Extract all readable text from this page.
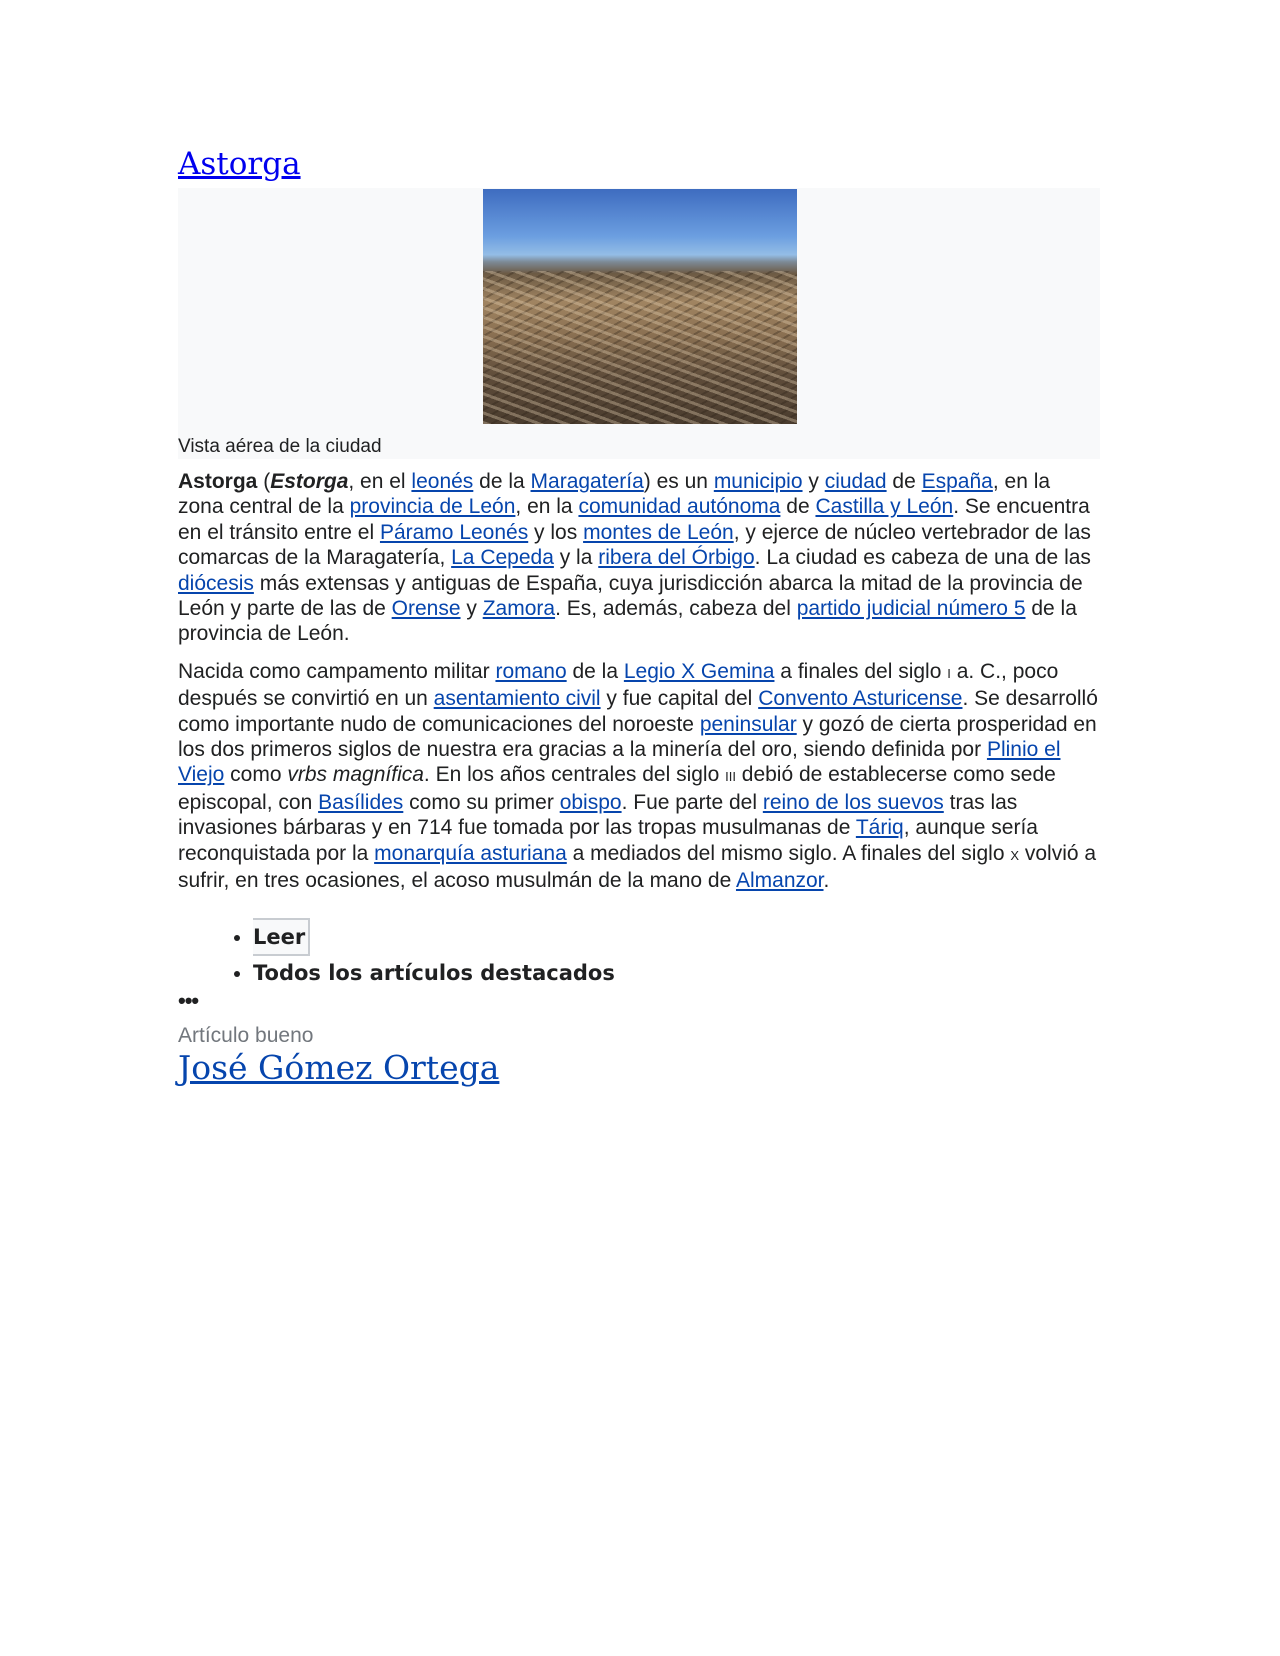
Astorga
Vista aérea de la ciudad

Astorga (Estorga, en el leonés de la Maragatería) es un municipio y ciudad de España, en la zona central de la provincia de León, en la comunidad autónoma de Castilla y León. Se encuentra en el tránsito entre el Páramo Leonés y los montes de León, y ejerce de núcleo vertebrador de las comarcas de la Maragatería, La Cepeda y la ribera del Órbigo. La ciudad es cabeza de una de las diócesis más extensas y antiguas de España, cuya jurisdicción abarca la mitad de la provincia de León y parte de las de Orense y Zamora. Es, además, cabeza del partido judicial número 5 de la provincia de León.

Nacida como campamento militar romano de la Legio X Gemina a finales del siglo I a. C., poco después se convirtió en un asentamiento civil y fue capital del Convento Asturicense. Se desarrolló como importante nudo de comunicaciones del noroeste peninsular y gozó de cierta prosperidad en los dos primeros siglos de nuestra era gracias a la minería del oro, siendo definida por Plinio el Viejo como vrbs magnífica. En los años centrales del siglo III debió de establecerse como sede episcopal, con Basílides como su primer obispo. Fue parte del reino de los suevos tras las invasiones bárbaras y en 714 fue tomada por las tropas musulmanas de Táriq, aunque sería reconquistada por la monarquía asturiana a mediados del mismo siglo. A finales del siglo X volvió a sufrir, en tres ocasiones, el acoso musulmán de la mano de Almanzor.

• Leer
• Todos los artículos destacados
•••
Artículo bueno
José Gómez Ortega
